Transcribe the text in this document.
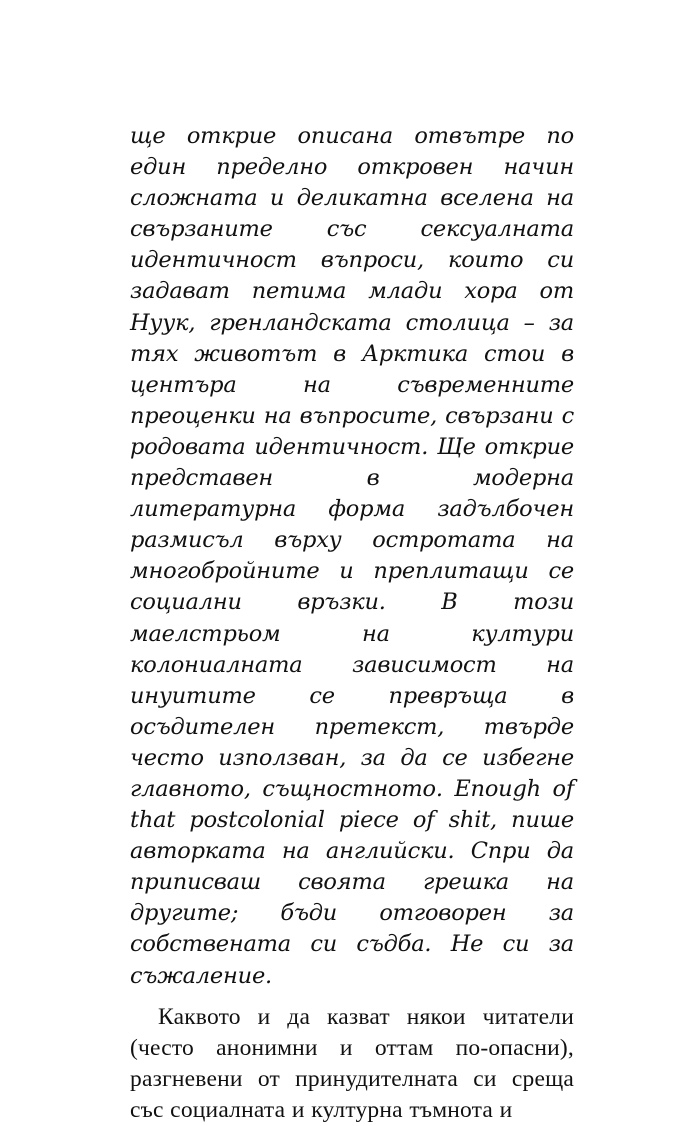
ще открие описана отвътре по един пределно откровен начин сложната и деликатна вселена на свързаните със сексуалната идентичност въпроси, които си задават петима млади хора от Нуук, гренландската столица – за тях животът в Арктика стои в центъра на съвременните преоценки на въпросите, свързани с родовата идентичност. Ще открие представен в модерна литературна форма задълбочен размисъл върху остротата на многобройните и преплитащи се социални връзки. В този маелстрьом на култури колониалната зависимост на инуитите се превръща в осъдителен претекст, твърде често използван, за да се избегне главното, същностното. Enough of that postcolonial piece of shit, пише авторката на английски. Спри да приписваш своята грешка на другите; бъди отговорен за собствената си съдба. Не си за съжаление.

Каквото и да казват някои читатели (често анонимни и оттам по-опасни), разгневени от принудителната си среща със социалната и културна тъмнота и
